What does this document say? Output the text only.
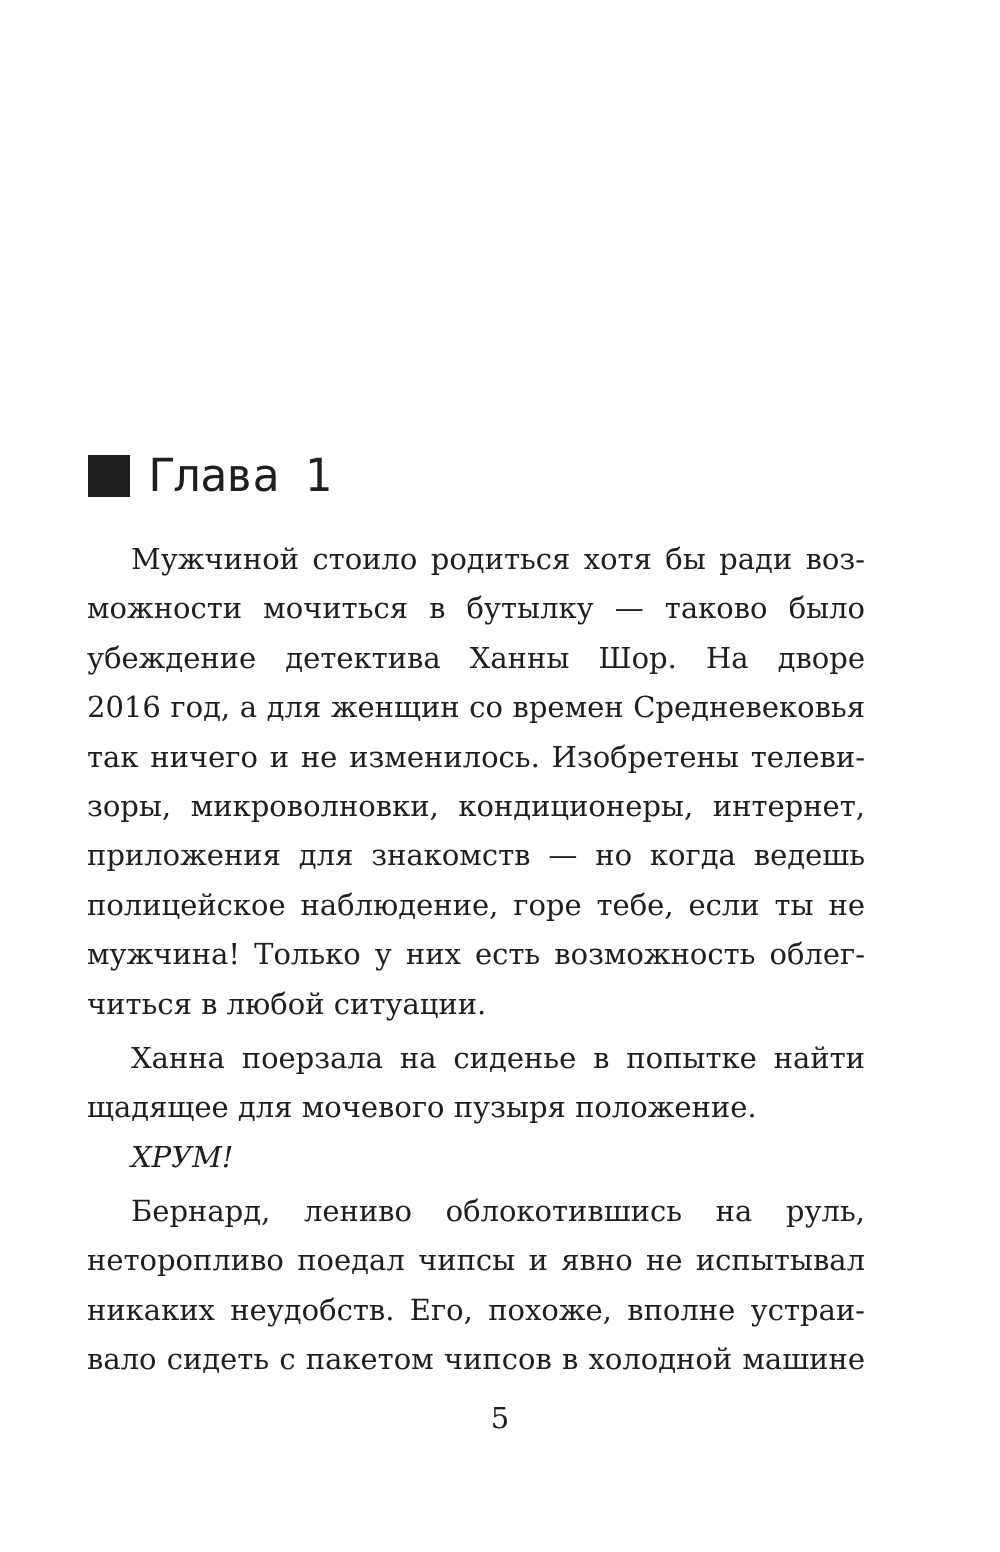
Глава 1
Мужчиной стоило родиться хотя бы ради воз-
можности мочиться в бутылку — таково было
убеждение детектива Ханны Шор. На дворе
2016 год, а для женщин со времен Средневековья
так ничего и не изменилось. Изобретены телеви-
зоры, микроволновки, кондиционеры, интернет,
приложения для знакомств — но когда ведешь
полицейское наблюдение, горе тебе, если ты не
мужчина! Только у них есть возможность облег-
читься в любой ситуации.
Ханна поерзала на сиденье в попытке найти
щадящее для мочевого пузыря положение.
ХРУМ!
Бернард, лениво облокотившись на руль,
неторопливо поедал чипсы и явно не испытывал
никаких неудобств. Его, похоже, вполне устраи-
вало сидеть с пакетом чипсов в холодной машине
5
